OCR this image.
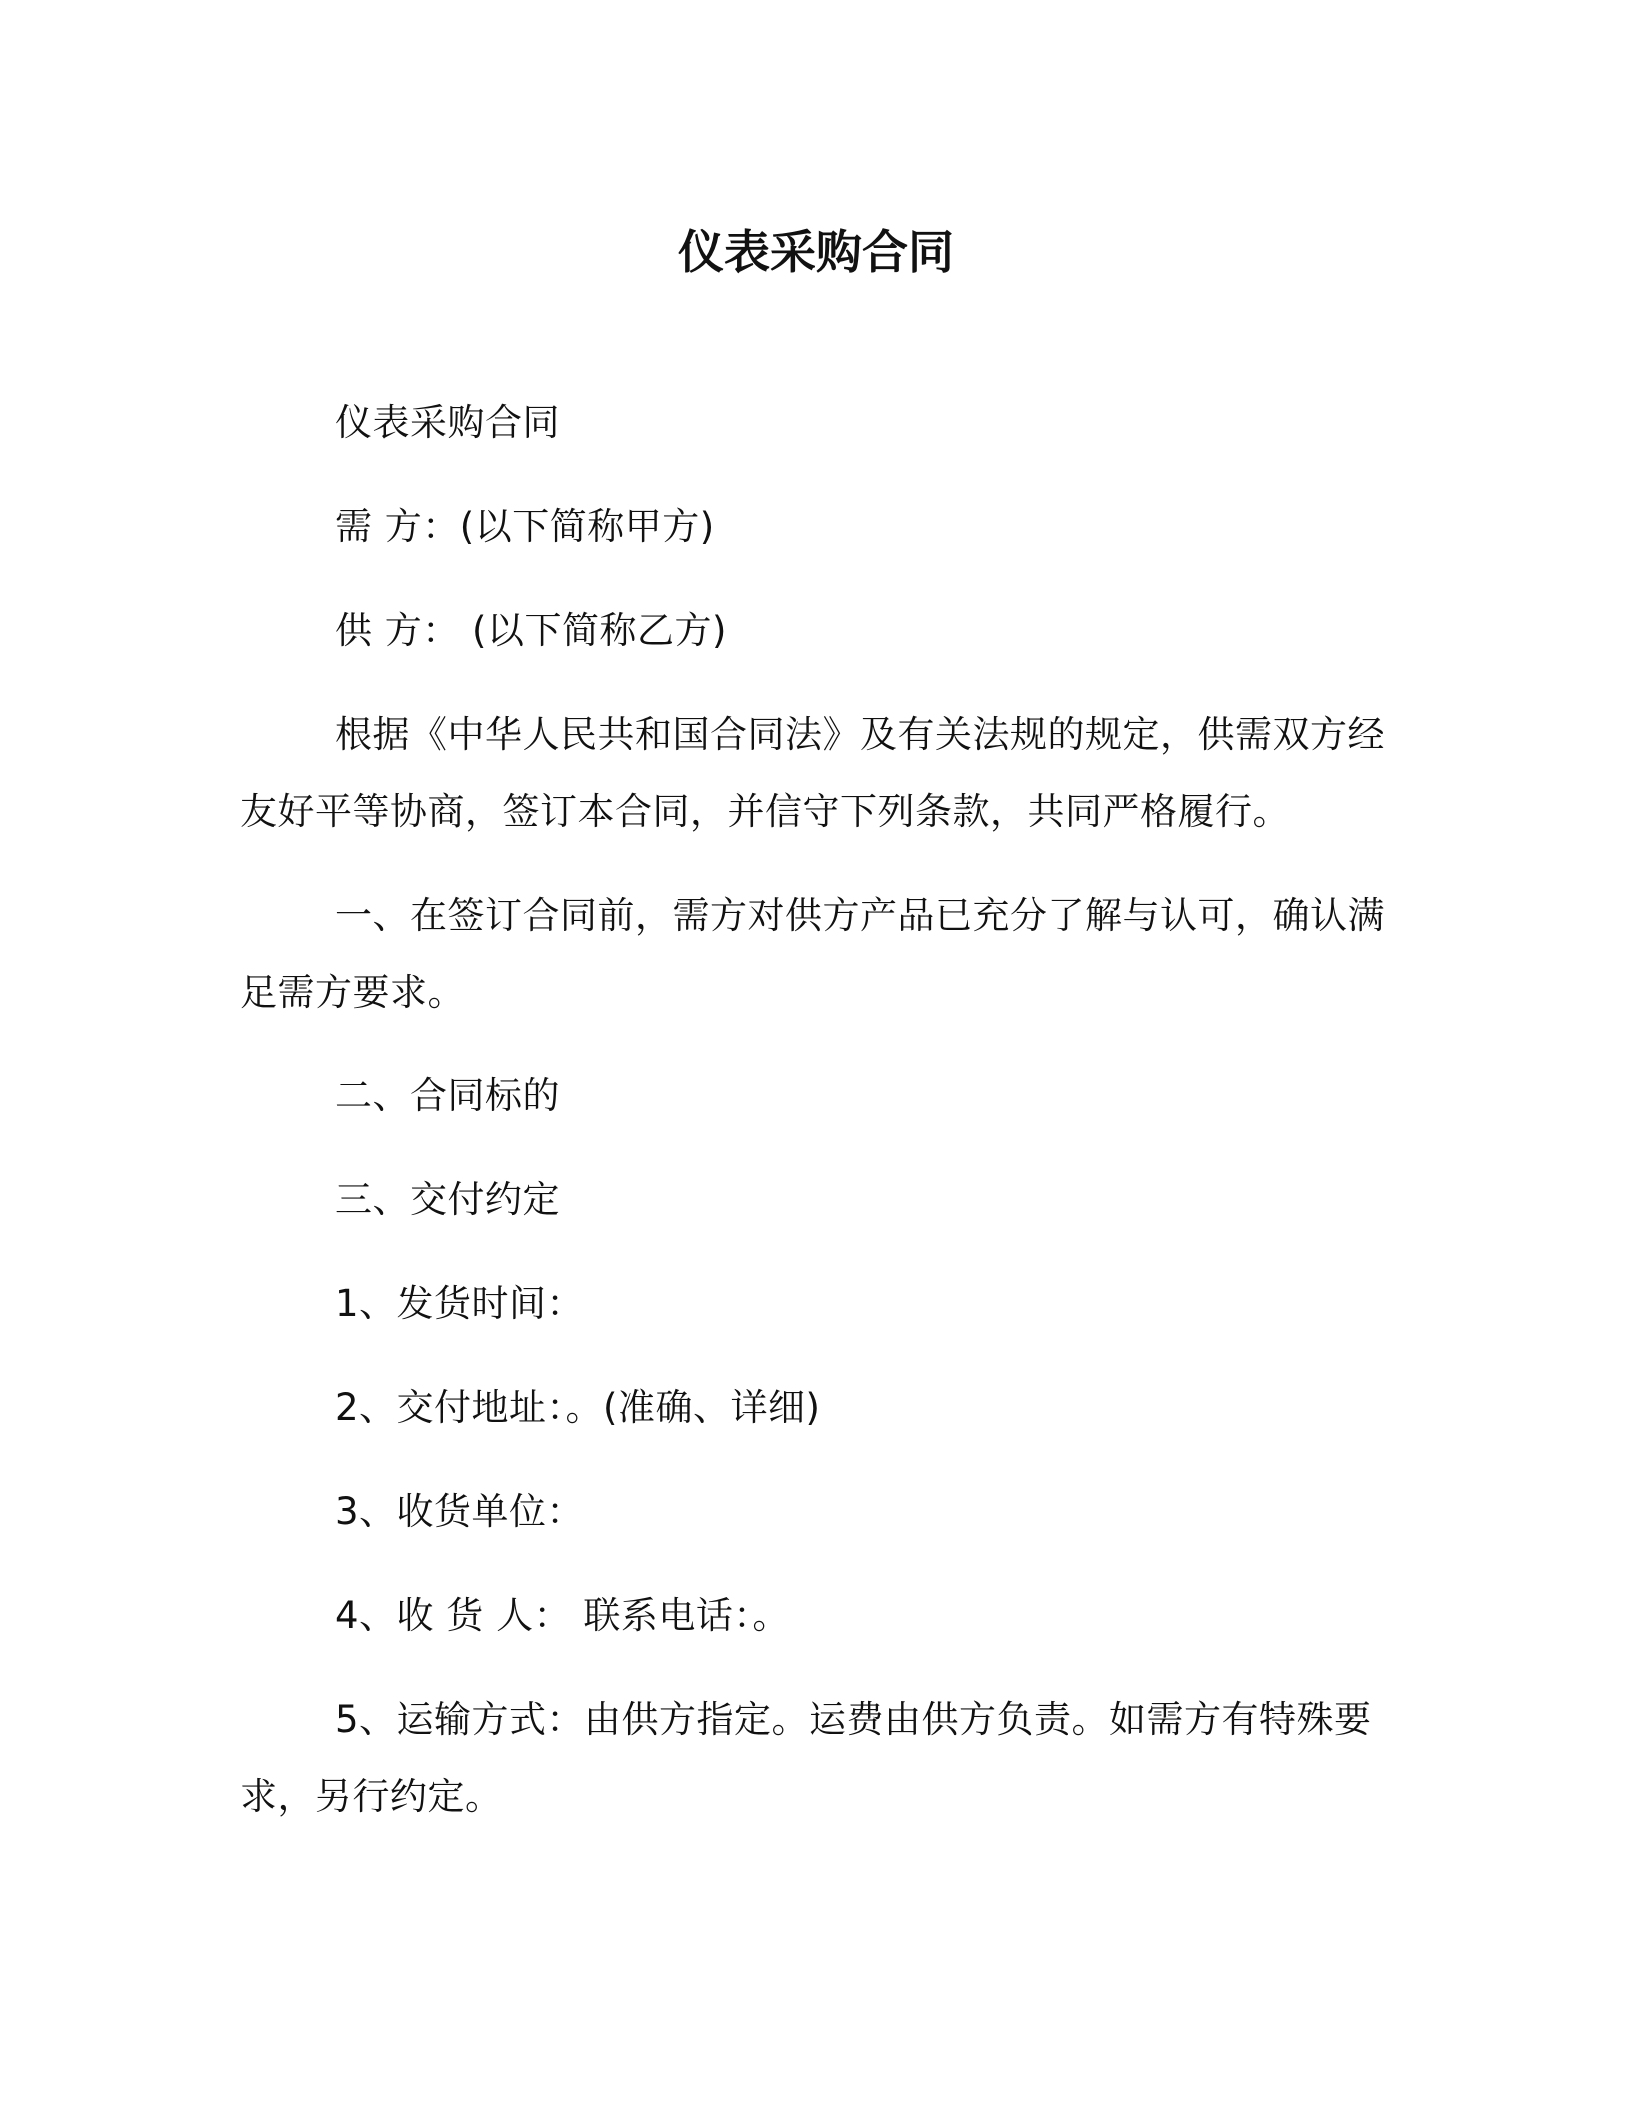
仪表采购合同
仪表采购合同
需 方：(以下简称甲方)
供 方： (以下简称乙方)
根据《中华人民共和国合同法》及有关法规的规定，供需双方经
友好平等协商，签订本合同，并信守下列条款，共同严格履行。
一、在签订合同前，需方对供方产品已充分了解与认可，确认满
足需方要求。
二、合同标的
三、交付约定
1、发货时间：
2、交付地址：。(准确、详细)
3、收货单位：
4、收 货 人： 联系电话：。
5、运输方式：由供方指定。运费由供方负责。如需方有特殊要
求，另行约定。
